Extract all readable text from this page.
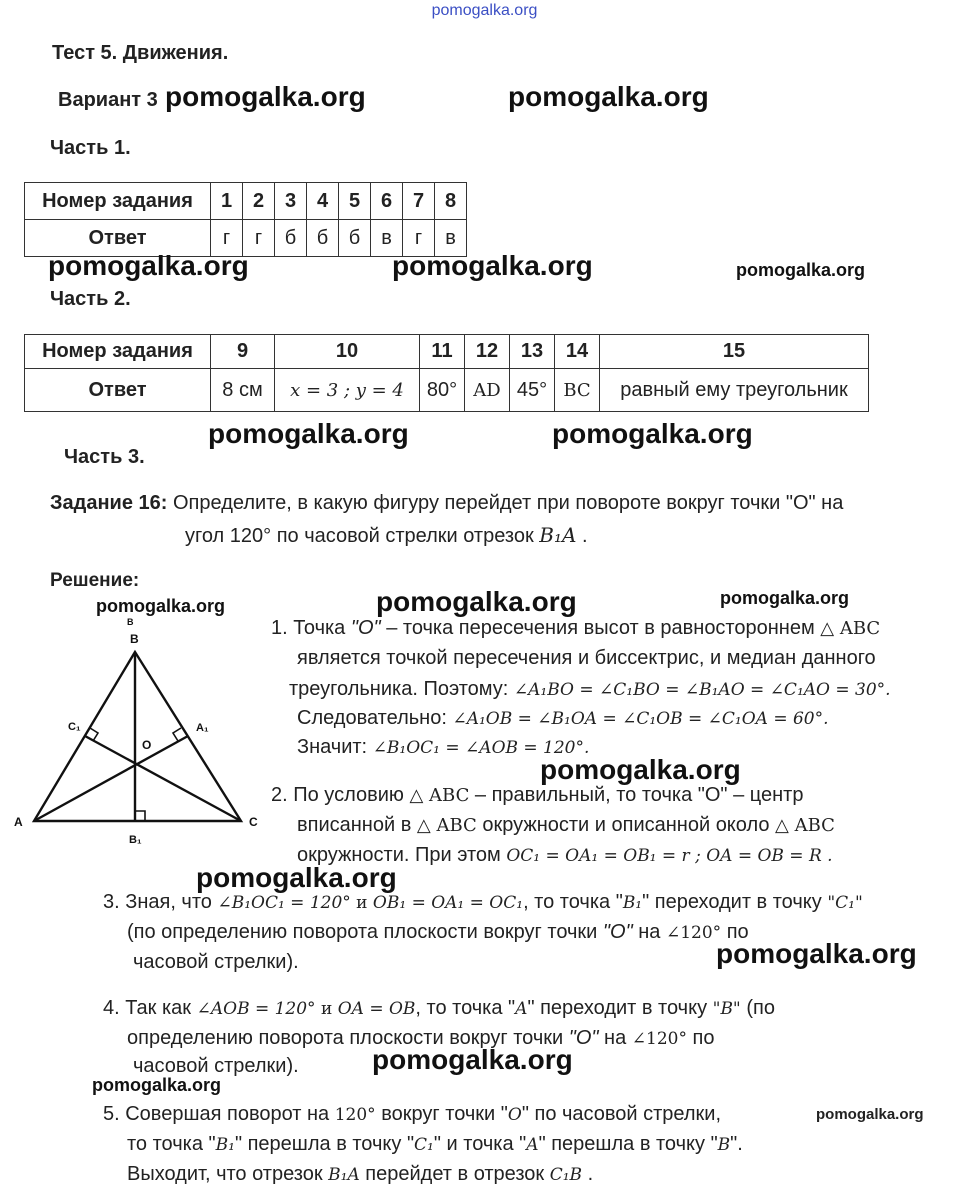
pomogalka.org
Тест 5. Движения.
Вариант 3 pomogalka.org	pomogalka.org
Часть 1.
Номер задания	1	2	3	4	5	6	7	8
Ответ	г	г	б	б	б	в	г	в
pomogalka.org	pomogalka.org	pomogalka.org
Часть 2.
Номер задания	9	10	11	12	13	14	15
Ответ	8 см	x = 3 ; y = 4	80°	AD	45°	BC	равный ему треугольник
pomogalka.org	pomogalka.org
Часть 3.
Задание 16: Определите, в какую фигуру перейдет при повороте вокруг точки "О" на
угол 120° по часовой стрелки отрезок B₁A .
Решение:
pomogalka.org	pomogalka.org	pomogalka.org
B
B
C₁	A₁
O
A	C
B₁
1. Точка "О" – точка пересечения высот в равностороннем △ ABC
является точкой пересечения и биссектрис, и медиан данного
треугольника. Поэтому: ∠A₁BO = ∠C₁BO = ∠B₁AO = ∠C₁AO = 30°.
Следовательно: ∠A₁OB = ∠B₁OA = ∠C₁OB = ∠C₁OA = 60°.
Значит: ∠B₁OC₁ = ∠AOB = 120°.
pomogalka.org
2. По условию △ ABC – правильный, то точка "О" – центр
вписанной в △ ABC окружности и описанной около △ ABC
окружности. При этом OC₁ = OA₁ = OB₁ = r ; OA = OB = R .
pomogalka.org
3. Зная, что ∠B₁OC₁ = 120° и OB₁ = OA₁ = OC₁, то точка "B₁" переходит в точку "C₁"
(по определению поворота плоскости вокруг точки "О" на ∠120° по
часовой стрелки).	pomogalka.org
4. Так как ∠AOB = 120° и OA = OB, то точка "A" переходит в точку "B" (по
определению поворота плоскости вокруг точки "О" на ∠120° по
часовой стрелки).	pomogalka.org
pomogalka.org
5. Совершая поворот на 120° вокруг точки "O" по часовой стрелки,	pomogalka.org
то точка "B₁" перешла в точку "C₁" и точка "A" перешла в точку "B".
Выходит, что отрезок B₁A перейдет в отрезок C₁B .
